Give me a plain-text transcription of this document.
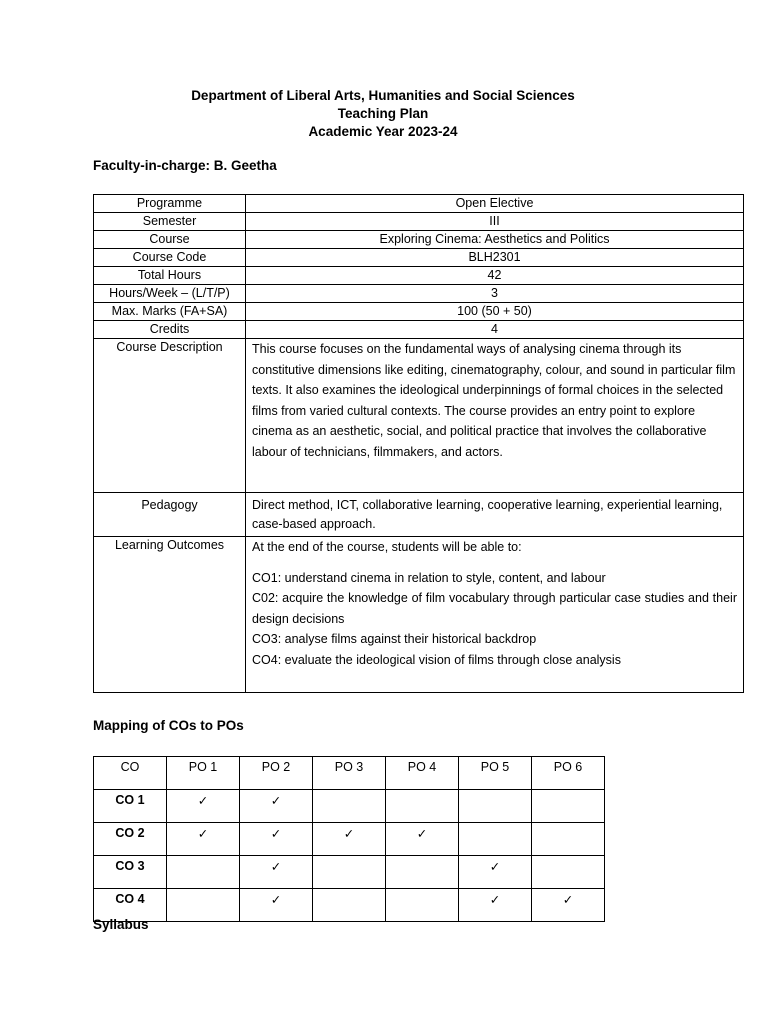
Department of Liberal Arts, Humanities and Social Sciences
Teaching Plan
Academic Year 2023-24
Faculty-in-charge: B. Geetha
Programme	Open Elective
Semester	III
Course	Exploring Cinema: Aesthetics and Politics
Course Code	BLH2301
Total Hours	42
Hours/Week – (L/T/P)	3
Max. Marks (FA+SA)	100 (50 + 50)
Credits	4
Course Description	This course focuses on the fundamental ways of analysing cinema through its constitutive dimensions like editing, cinematography, colour, and sound in particular film texts. It also examines the ideological underpinnings of formal choices in the selected films from varied cultural contexts. The course provides an entry point to explore cinema as an aesthetic, social, and political practice that involves the collaborative labour of technicians, filmmakers, and actors.
Pedagogy	Direct method, ICT, collaborative learning, cooperative learning, experiential learning, case-based approach.
Learning Outcomes	At the end of the course, students will be able to:
CO1: understand cinema in relation to style, content, and labour
C02: acquire the knowledge of film vocabulary through particular case studies and their design decisions
CO3: analyse films against their historical backdrop
CO4: evaluate the ideological vision of films through close analysis
Mapping of COs to POs
CO	PO 1	PO 2	PO 3	PO 4	PO 5	PO 6
CO 1	✓	✓				
CO 2	✓	✓	✓	✓		
CO 3		✓			✓	
CO 4		✓			✓	✓
Syllabus
